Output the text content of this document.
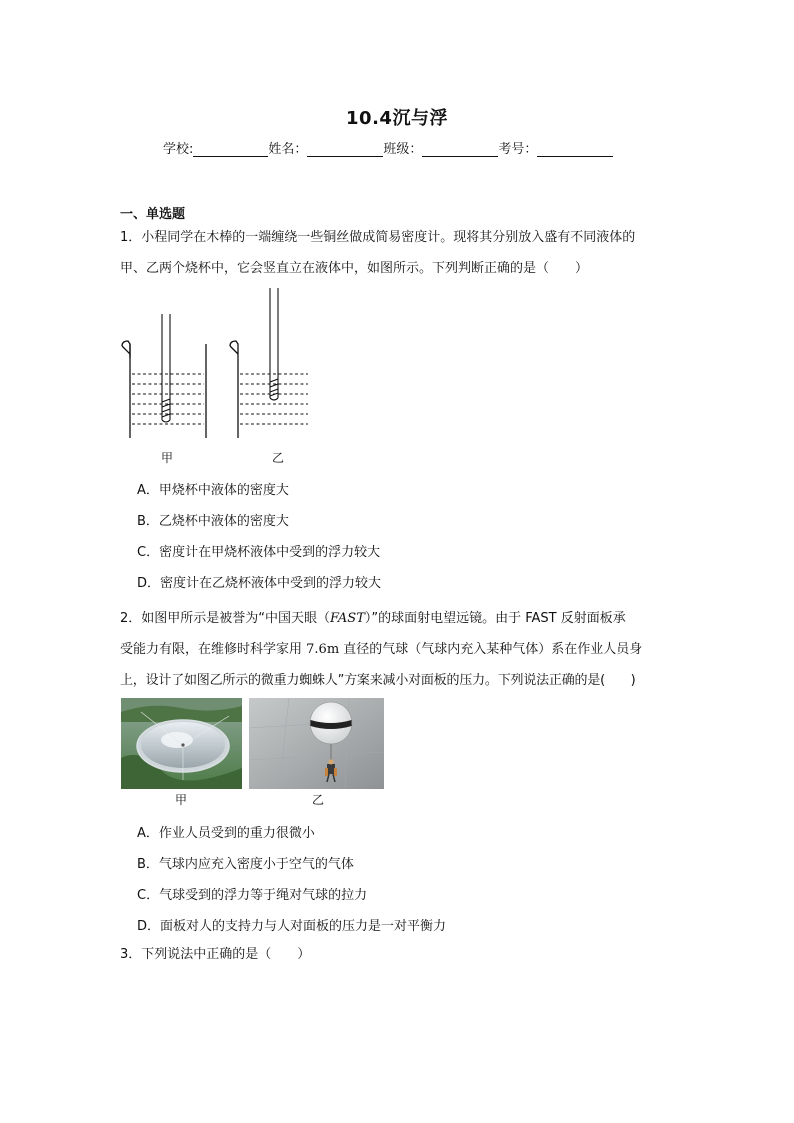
10.4沉与浮
学校:	姓名：	班级：	考号：
一、单选题
1．小程同学在木棒的一端缠绕一些铜丝做成简易密度计。现将其分别放入盛有不同液体的
甲、乙两个烧杯中，它会竖直立在液体中，如图所示。下列判断正确的是（　　）
甲	乙
A．甲烧杯中液体的密度大
B．乙烧杯中液体的密度大
C．密度计在甲烧杯液体中受到的浮力较大
D．密度计在乙烧杯液体中受到的浮力较大
2．如图甲所示是被誉为“中国天眼（FAST）”的球面射电望远镜。由于 FAST 反射面板承
受能力有限，在维修时科学家用 7.6m 直径的气球（气球内充入某种气体）系在作业人员身
上，设计了如图乙所示的微重力蜘蛛人”方案来减小对面板的压力。下列说法正确的是(　　)
甲	乙
A．作业人员受到的重力很微小
B．气球内应充入密度小于空气的气体
C．气球受到的浮力等于绳对气球的拉力
D．面板对人的支持力与人对面板的压力是一对平衡力
3．下列说法中正确的是（　　）
